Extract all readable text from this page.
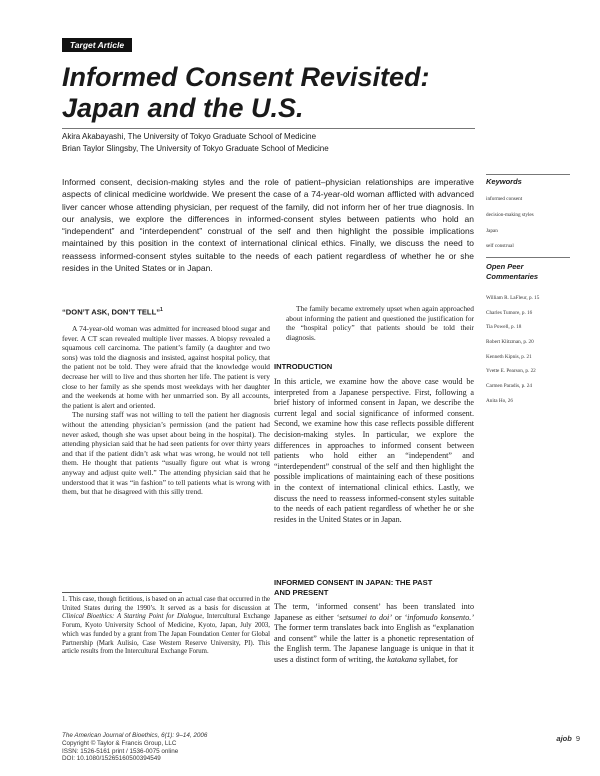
Target Article
Informed Consent Revisited:
Japan and the U.S.
Akira Akabayashi, The University of Tokyo Graduate School of Medicine
Brian Taylor Slingsby, The University of Tokyo Graduate School of Medicine
Informed consent, decision-making styles and the role of patient–physician relationships are imperative aspects of clinical medicine worldwide. We present the case of a 74-year-old woman afflicted with advanced liver cancer whose attending physician, per request of the family, did not inform her of her true diagnosis. In our analysis, we explore the differences in informed-consent styles between patients who hold an “independent” and “interdependent” construal of the self and then highlight the possible implications maintained by this position in the context of international clinical ethics. Finally, we discuss the need to reassess informed-consent styles suitable to the needs of each patient regardless of whether he or she resides in the United States or in Japan.
Keywords
informed consent
decision-making styles
Japan
self construal
Open Peer
Commentaries
William R. LaFleur, p. 15
Charles Tumore, p. 16
Tia Powell, p. 18
Robert Klitzman, p. 20
Kenneth Kipnis, p. 21
Yvette E. Pearson, p. 22
Carmen Paradis, p. 24
Anita Ho, 26
“DON’T ASK, DON’T TELL”$^1$

A 74-year-old woman was admitted for increased blood sugar and fever. A CT scan revealed multiple liver masses. A biopsy revealed a squamous cell carcinoma. The patient’s family (a daughter and two sons) was told the diagnosis and insisted, against hospital policy, that the patient not be told. They were afraid that the knowledge would decrease her will to live and thus shorten her life. The patient is very close to her family as she spends most weekdays with her daughter and the weekends at home with her unmarried son. By all accounts, the patient is alert and oriented.

The nursing staff was not willing to tell the patient her diagnosis without the attending physician’s permission (and the patient had never asked, though she was upset about being in the hospital). The attending physician said that he had seen patients for over thirty years and that if the patient didn’t ask what was wrong, he would not tell them. He thought that patients “usually figure out what is wrong anyway and adjust quite well.” The attending physician said that he understood that it was “in fashion” to tell patients what is wrong with them, but that he disagreed with this silly trend.

1. This case, though fictitious, is based on an actual case that occurred in the United States during the 1990’s. It served as a basis for discussion at Clinical Bioethics: A Starting Point for Dialogue, Intercultural Exchange Forum, Kyoto University School of Medicine, Kyoto, Japan, July 2003, which was funded by a grant from The Japan Foundation Center for Global Partnership (Mark Aulisio, Case Western Reserve University, PI). This article results from the Intercultural Exchange Forum.

The family became extremely upset when again approached about informing the patient and questioned the justification for the “hospital policy” that patients should be told their diagnosis.

INTRODUCTION

In this article, we examine how the above case would be interpreted from a Japanese perspective. First, following a brief history of informed consent in Japan, we describe the current legal and social significance of informed consent. Second, we examine how this case reflects possible different decision-making styles. In particular, we explore the differences in approaches to informed consent between patients who hold either an “independent” and “interdependent” construal of the self and then highlight the possible implications of maintaining each of these positions in the context of international clinical ethics. Lastly, we discuss the need to reassess informed-consent styles suitable to the needs of each patient regardless of whether he or she resides in the United States or in Japan.

INFORMED CONSENT IN JAPAN: THE PAST
AND PRESENT

The term, ‘informed consent’ has been translated into Japanese as either ‘setsumei to doi’ or ‘infomudo konsento.’ The former term translates back into English as “explanation and consent” while the latter is a phonetic representation of the English term. The Japanese language is unique in that it uses a distinct form of writing, the katakana syllabet, for

The American Journal of Bioethics, 6(1): 9–14, 2006
Copyright © Taylor & Francis Group, LLC
ISSN: 1526-5161 print / 1536-0075 online
DOI: 10.1080/15265160500394549
ajob 9
